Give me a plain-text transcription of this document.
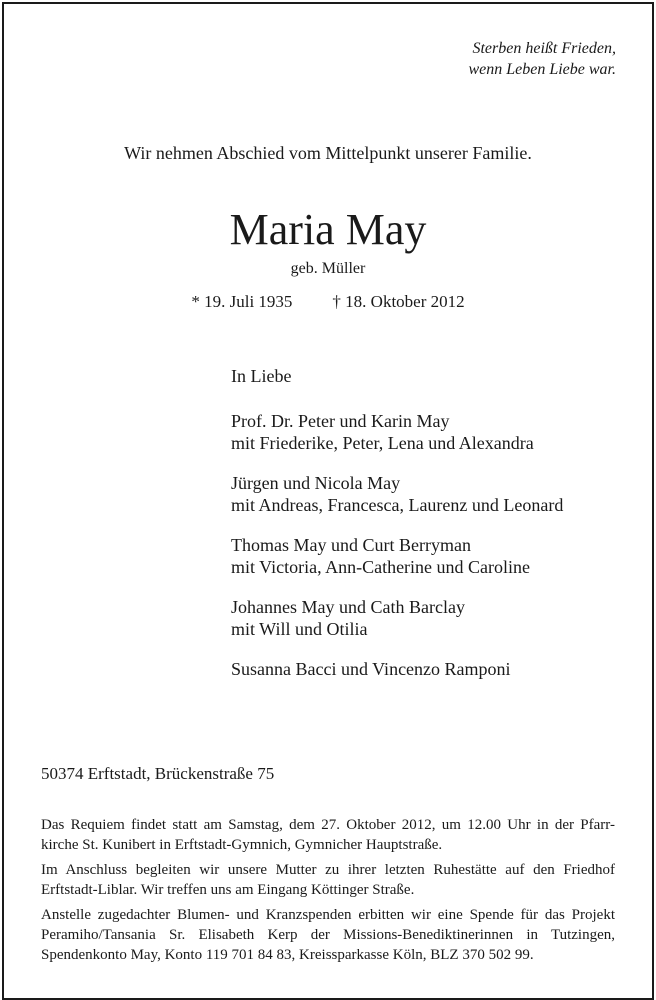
Sterben heißt Frieden,
wenn Leben Liebe war.
Wir nehmen Abschied vom Mittelpunkt unserer Familie.
Maria May
geb. Müller
* 19. Juli 1935 † 18. Oktober 2012
In Liebe
Prof. Dr. Peter und Karin May
mit Friederike, Peter, Lena und Alexandra
Jürgen und Nicola May
mit Andreas, Francesca, Laurenz und Leonard
Thomas May und Curt Berryman
mit Victoria, Ann-Catherine und Caroline
Johannes May und Cath Barclay
mit Will und Otilia
Susanna Bacci und Vincenzo Ramponi
50374 Erftstadt, Brückenstraße 75
Das Requiem findet statt am Samstag, dem 27. Oktober 2012, um 12.00 Uhr in der Pfarr-
kirche St. Kunibert in Erftstadt-Gymnich, Gymnicher Hauptstraße.
Im Anschluss begleiten wir unsere Mutter zu ihrer letzten Ruhestätte auf den Friedhof
Erftstadt-Liblar. Wir treffen uns am Eingang Köttinger Straße.
Anstelle zugedachter Blumen- und Kranzspenden erbitten wir eine Spende für das Projekt
Peramiho/Tansania Sr. Elisabeth Kerp der Missions-Benediktinerinnen in Tutzingen,
Spendenkonto May, Konto 119 701 84 83, Kreissparkasse Köln, BLZ 370 502 99.
